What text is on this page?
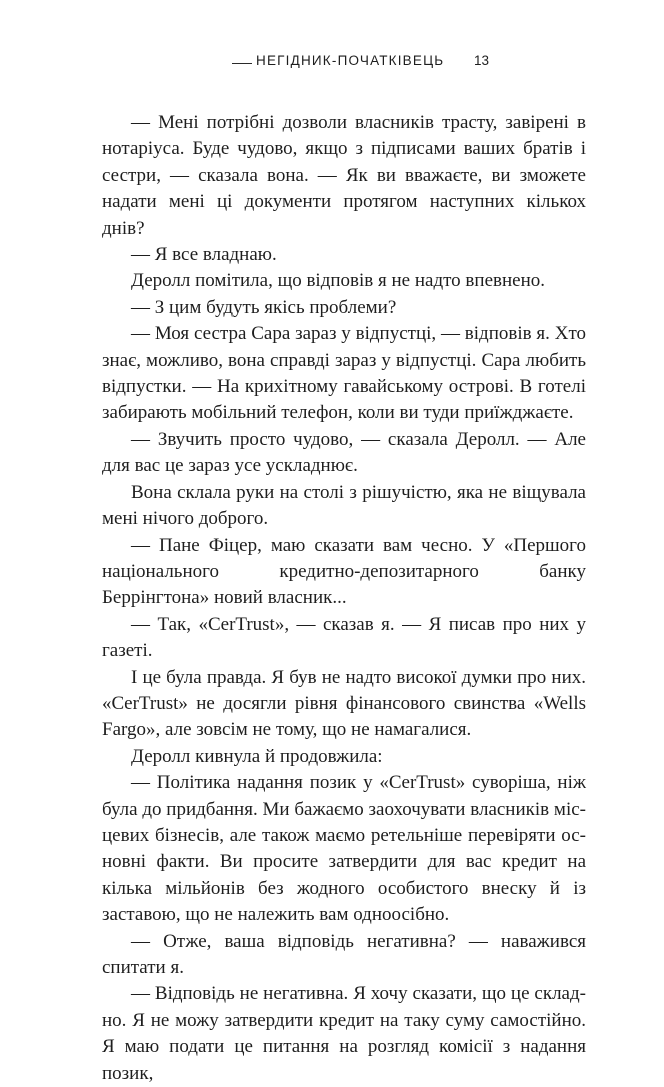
НЕГІДНИК-ПОЧАТКІВЕЦЬ 13

— Мені потрібні дозволи власників трасту, завірені в нотаріуса. Буде чудово, якщо з підписами ваших братів і сестри, — сказала вона. — Як ви вважаєте, ви зможете надати мені ці документи протягом наступних кількох днів?

— Я все владнаю.

Деролл помітила, що відповів я не надто впевнено.

— З цим будуть якісь проблеми?

— Моя сестра Сара зараз у відпустці, — відповів я. Хто знає, можливо, вона справді зараз у відпустці. Сара любить відпустки. — На крихітному гавайському острові. В готелі забирають мобільний телефон, коли ви туди приїжджаєте.

— Звучить просто чудово, — сказала Деролл. — Але для вас це зараз усе ускладнює.

Вона склала руки на столі з рішучістю, яка не віщувала мені нічого доброго.

— Пане Фіцер, маю сказати вам чесно. У «Першого національного кредитно-депозитарного банку Беррінгтона» новий власник...

— Так, «CerTrust», — сказав я. — Я писав про них у газеті.

І це була правда. Я був не надто високої думки про них. «CerTrust» не досягли рівня фінансового свинства «Wells Fargo», але зовсім не тому, що не намагалися.

Деролл кивнула й продовжила:

— Політика надання позик у «CerTrust» суворіша, ніж була до придбання. Ми бажаємо заохочувати власників місцевих бізнесів, але також маємо ретельніше перевіряти основні факти. Ви просите затвердити для вас кредит на кілька мільйонів без жодного особистого внеску й із заставою, що не належить вам одноосібно.

— Отже, ваша відповідь негативна? — наважився спитати я.

— Відповідь не негативна. Я хочу сказати, що це складно. Я не можу затвердити кредит на таку суму самостійно. Я маю подати це питання на розгляд комісії з надання позик,
